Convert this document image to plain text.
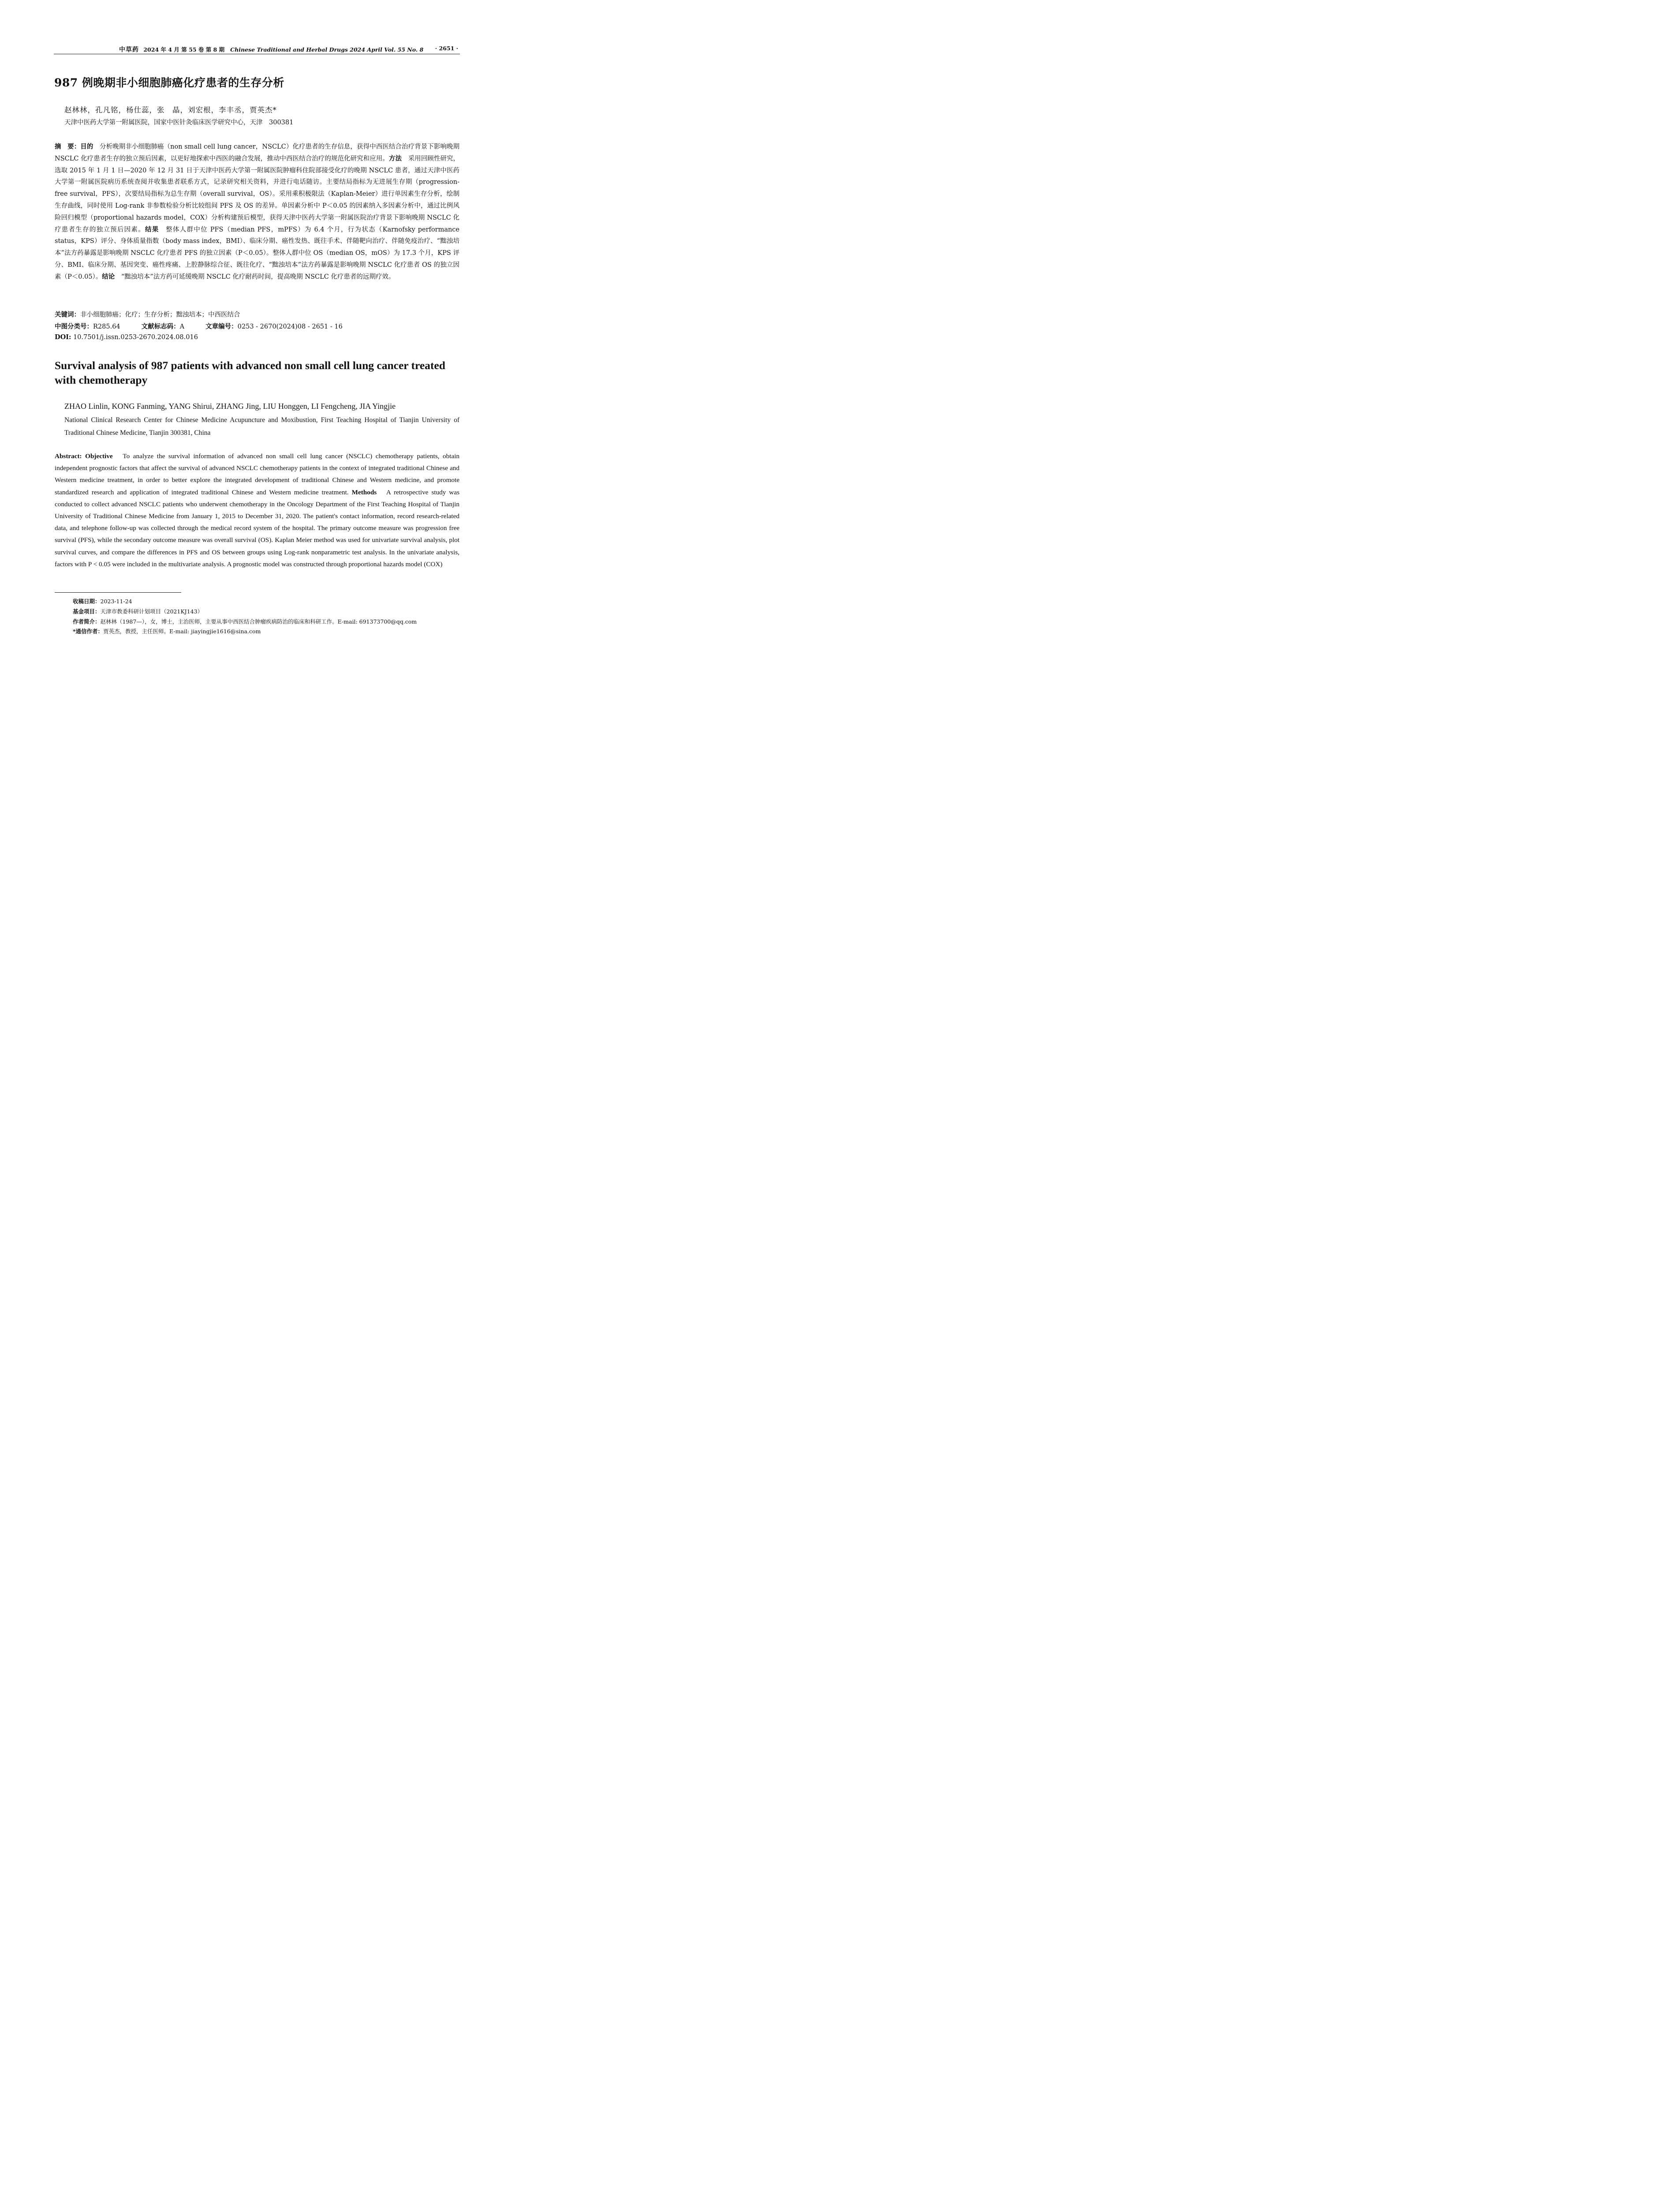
中草药 2024 年 4 月 第 55 卷 第 8 期 Chinese Traditional and Herbal Drugs 2024 April Vol. 55 No. 8 · 2651 ·
987 例晚期非小细胞肺癌化疗患者的生存分析
赵林林，孔凡铭，杨仕蕊，张　晶，刘宏根，李丰丞，贾英杰*
天津中医药大学第一附属医院，国家中医针灸临床医学研究中心，天津　300381
摘　要：目的　分析晚期非小细胞肺癌（non small cell lung cancer，NSCLC）化疗患者的生存信息，获得中西医结合治疗背景下影响晚期 NSCLC 化疗患者生存的独立预后因素，以更好地探索中西医的融合发展，推动中西医结合治疗的规范化研究和应用。方法　采用回顾性研究，选取 2015 年 1 月 1 日—2020 年 12 月 31 日于天津中医药大学第一附属医院肿瘤科住院部接受化疗的晚期 NSCLC 患者，通过天津中医药大学第一附属医院病历系统查阅并收集患者联系方式，记录研究相关资料，并进行电话随访。主要结局指标为无进展生存期（progression-free survival，PFS），次要结局指标为总生存期（overall survival，OS）。采用乘积极限法（Kaplan-Meier）进行单因素生存分析，绘制生存曲线，同时使用 Log-rank 非参数检验分析比较组间 PFS 及 OS 的差异。单因素分析中 P＜0.05 的因素纳入多因素分析中，通过比例风险回归模型（proportional hazards model，COX）分析构建预后模型，获得天津中医药大学第一附属医院治疗背景下影响晚期 NSCLC 化疗患者生存的独立预后因素。结果　整体人群中位 PFS（median PFS，mPFS）为 6.4 个月，行为状态（Karnofsky performance status，KPS）评分、身体质量指数（body mass index，BMI）、临床分期、癌性发热、既往手术、伴随靶向治疗、伴随免疫治疗、“黜浊培本”法方药暴露是影响晚期 NSCLC 化疗患者 PFS 的独立因素（P＜0.05）。整体人群中位 OS（median OS，mOS）为 17.3 个月，KPS 评分、BMI、临床分期、基因突变、癌性疼痛、上腔静脉综合征、既往化疗、“黜浊培本”法方药暴露是影响晚期 NSCLC 化疗患者 OS 的独立因素（P＜0.05）。结论　“黜浊培本”法方药可延缓晚期 NSCLC 化疗耐药时间，提高晚期 NSCLC 化疗患者的远期疗效。
关键词：非小细胞肺癌；化疗；生存分析；黜浊培本；中西医结合
中图分类号：R285.64	文献标志码：A	文章编号：0253 - 2670(2024)08 - 2651 - 16
DOI: 10.7501/j.issn.0253-2670.2024.08.016
Survival analysis of 987 patients with advanced non small cell lung cancer treated with chemotherapy
ZHAO Linlin, KONG Fanming, YANG Shirui, ZHANG Jing, LIU Honggen, LI Fengcheng, JIA Yingjie
National Clinical Research Center for Chinese Medicine Acupuncture and Moxibustion, First Teaching Hospital of Tianjin University of Traditional Chinese Medicine, Tianjin 300381, China
Abstract: Objective　To analyze the survival information of advanced non small cell lung cancer (NSCLC) chemotherapy patients, obtain independent prognostic factors that affect the survival of advanced NSCLC chemotherapy patients in the context of integrated traditional Chinese and Western medicine treatment, in order to better explore the integrated development of traditional Chinese and Western medicine, and promote standardized research and application of integrated traditional Chinese and Western medicine treatment. Methods　A retrospective study was conducted to collect advanced NSCLC patients who underwent chemotherapy in the Oncology Department of the First Teaching Hospital of Tianjin University of Traditional Chinese Medicine from January 1, 2015 to December 31, 2020. The patient's contact information, record research-related data, and telephone follow-up was collected through the medical record system of the hospital. The primary outcome measure was progression free survival (PFS), while the secondary outcome measure was overall survival (OS). Kaplan Meier method was used for univariate survival analysis, plot survival curves, and compare the differences in PFS and OS between groups using Log-rank nonparametric test analysis. In the univariate analysis, factors with P < 0.05 were included in the multivariate analysis. A prognostic model was constructed through proportional hazards model (COX)
收稿日期：2023-11-24
基金项目：天津市教委科研计划项目（2021KJ143）
作者简介：赵林林（1987—），女，博士，主治医师，主要从事中西医结合肿瘤疾病防治的临床和科研工作。E-mail: 691373700@qq.com
*通信作者：贾英杰，教授，主任医师。E-mail: jiayingjie1616@sina.com
